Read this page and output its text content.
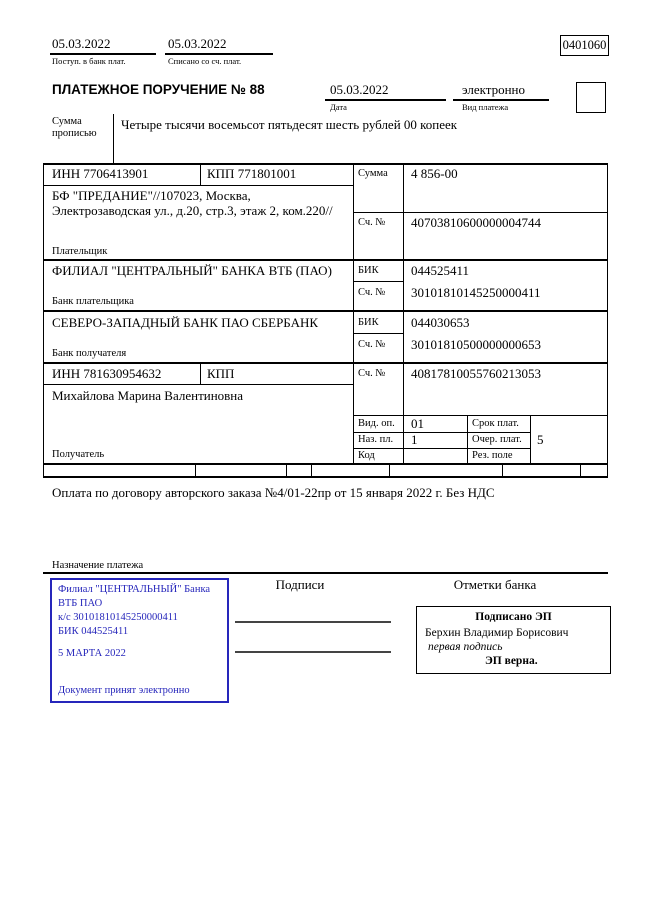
05.03.2022
Поступ. в банк плат.
05.03.2022
Списано со сч. плат.
0401060
ПЛАТЕЖНОЕ ПОРУЧЕНИЕ № 88	05.03.2022
Дата
электронно
Вид платежа
Сумма прописью
Четыре тысячи восемьсот пятьдесят шесть рублей 00 копеек
ИНН 7706413901	КПП 771801001	Сумма 4 856-00
БФ "ПРЕДАНИЕ"//107023, Москва, Электрозаводская ул., д.20, стр.3, этаж 2, ком.220//
Сч. № 40703810600000004744
Плательщик
ФИЛИАЛ "ЦЕНТРАЛЬНЫЙ" БАНКА ВТБ (ПАО) БИК 044525411
Сч. № 30101810145250000411
Банк плательщика
СЕВЕРО-ЗАПАДНЫЙ БАНК ПАО СБЕРБАНК	БИК 044030653
Сч. № 30101810500000000653
Банк получателя
ИНН 781630954632	КПП	Сч. № 40817810055760213053
Михайлова Марина Валентиновна
Получатель
Вид. оп. 01	Срок плат.
Наз. пл. 1	Очер. плат. 5
Код	Рез. поле
Оплата по договору авторского заказа №4/01-22пр от 15 января 2022 г. Без НДС
Назначение платежа
Филиал "ЦЕНТРАЛЬНЫЙ" Банка
ВТБ ПАО
к/с 30101810145250000411
БИК 044525411
5 МАРТА 2022
Документ принят электронно
Подписи	Отметки банка
Подписано ЭП
Берхин Владимир Борисович
первая подпись
ЭП верна.
